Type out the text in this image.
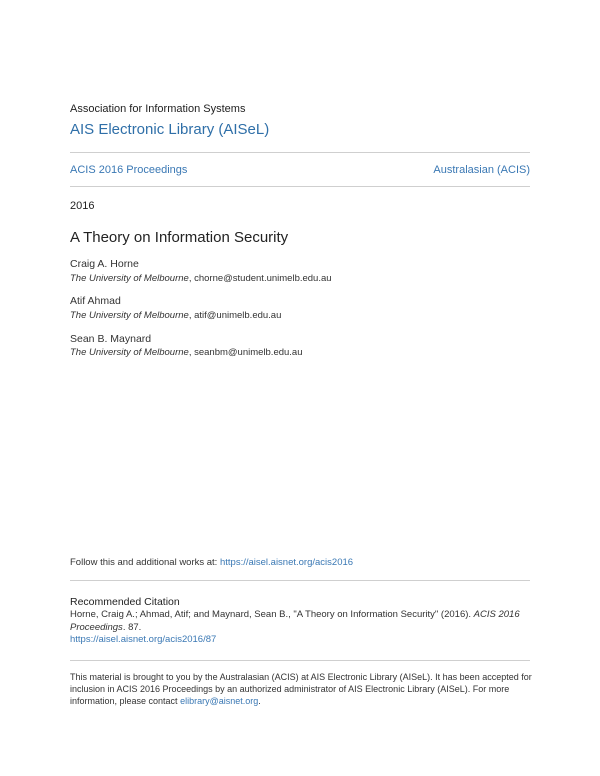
Association for Information Systems
AIS Electronic Library (AISeL)
ACIS 2016 Proceedings	Australasian (ACIS)
2016
A Theory on Information Security
Craig A. Horne
The University of Melbourne, chorne@student.unimelb.edu.au
Atif Ahmad
The University of Melbourne, atif@unimelb.edu.au
Sean B. Maynard
The University of Melbourne, seanbm@unimelb.edu.au
Follow this and additional works at: https://aisel.aisnet.org/acis2016
Recommended Citation
Horne, Craig A.; Ahmad, Atif; and Maynard, Sean B., "A Theory on Information Security" (2016). ACIS 2016 Proceedings. 87.
https://aisel.aisnet.org/acis2016/87
This material is brought to you by the Australasian (ACIS) at AIS Electronic Library (AISeL). It has been accepted for inclusion in ACIS 2016 Proceedings by an authorized administrator of AIS Electronic Library (AISeL). For more information, please contact elibrary@aisnet.org.
